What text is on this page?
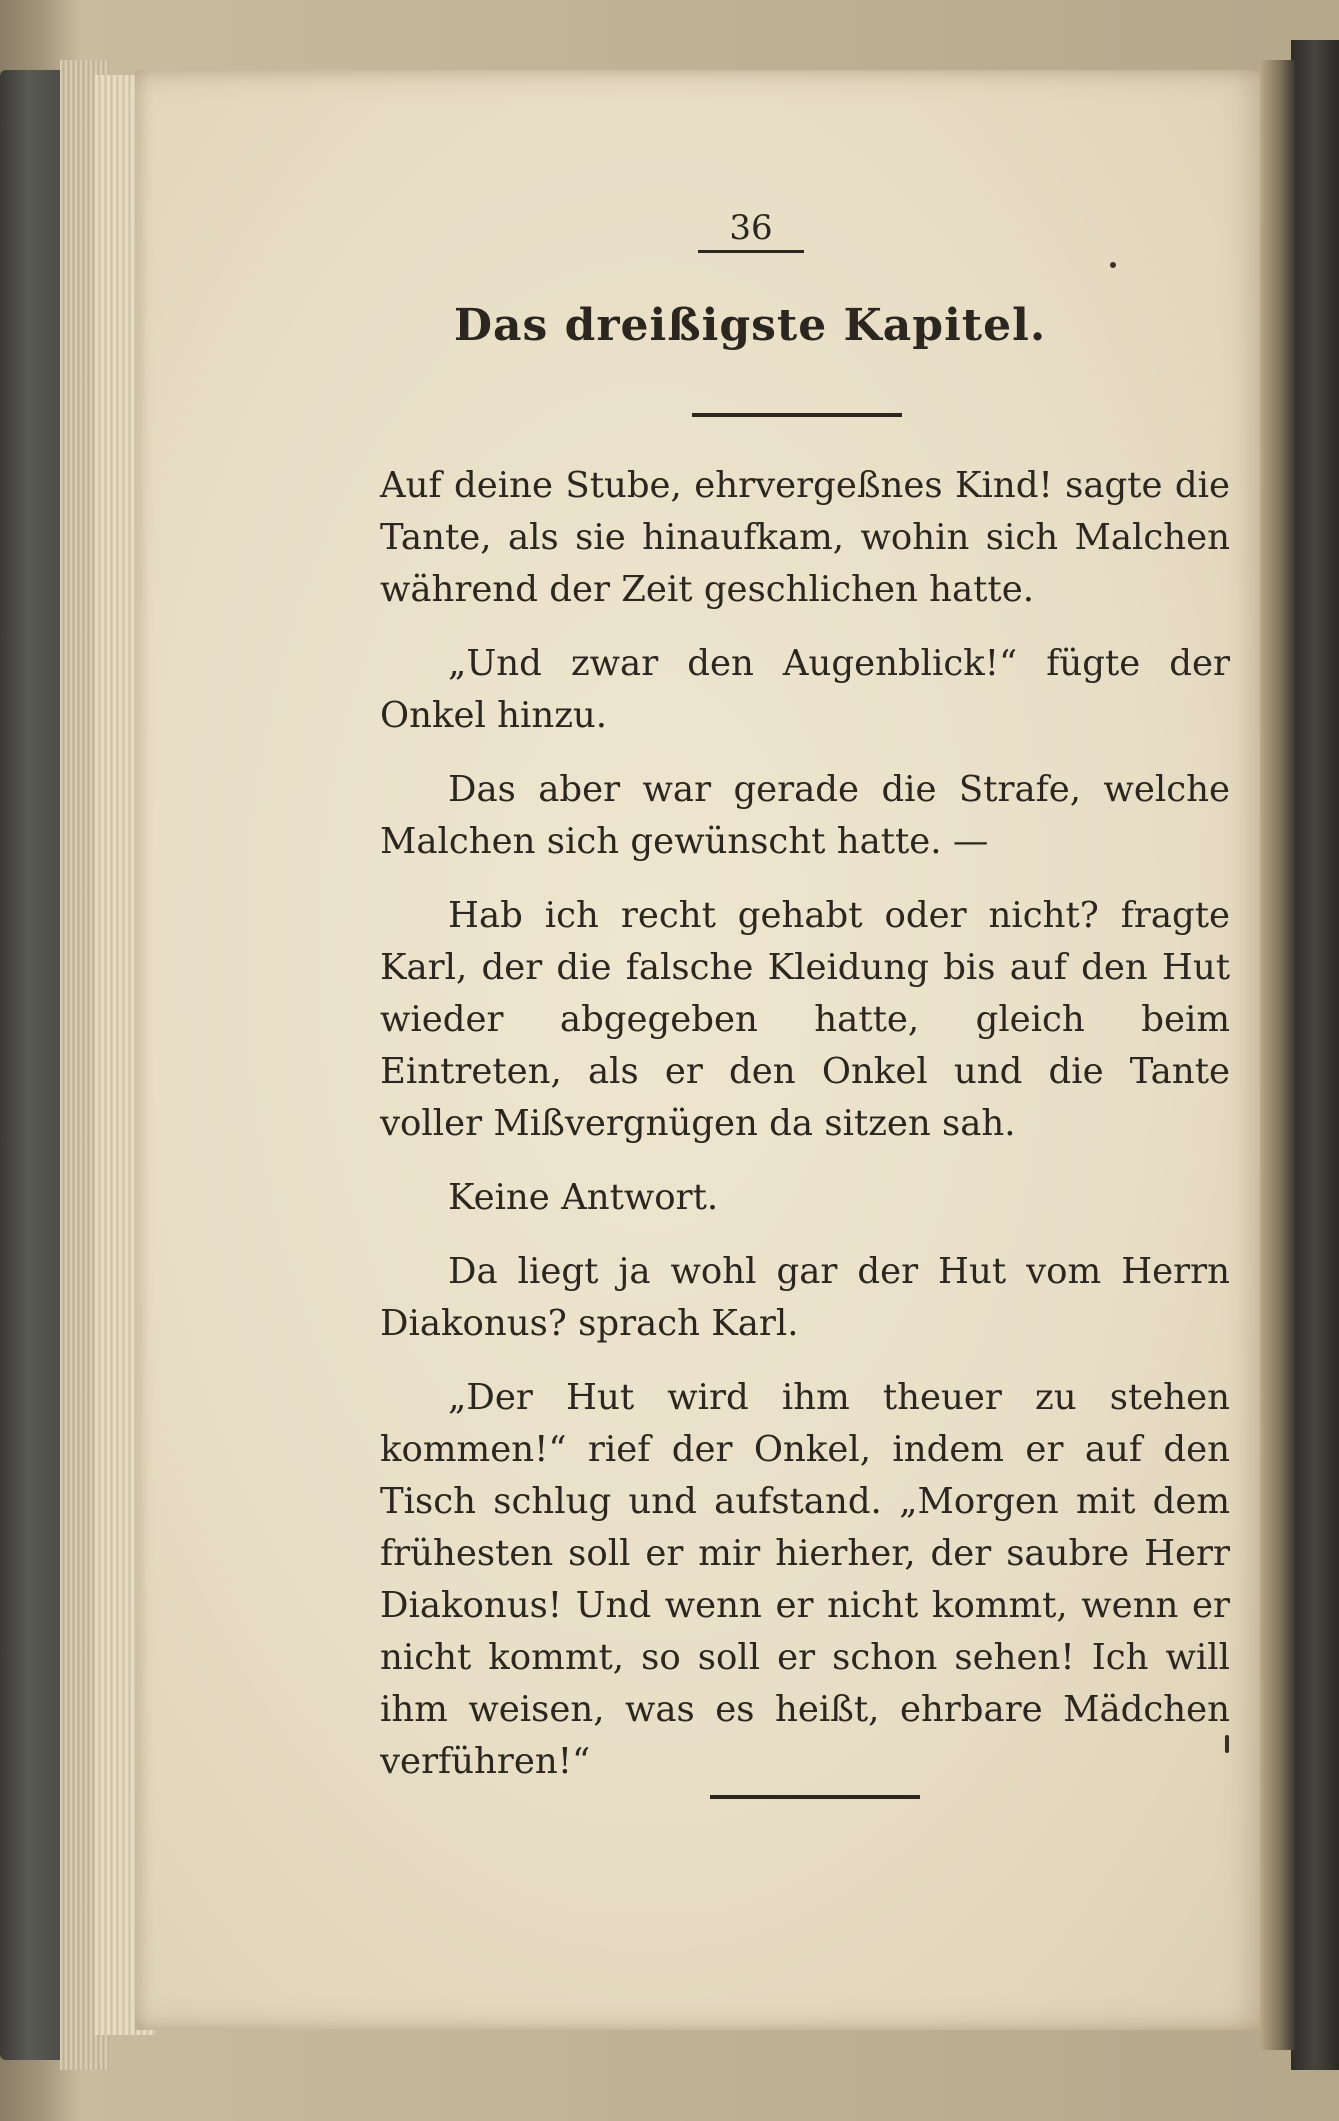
36
Das dreißigste Kapitel.

Auf deine Stube, ehrvergeßnes Kind! sagte die Tante, als sie hinaufkam, wohin sich Malchen während der Zeit geschlichen hatte.

„Und zwar den Augenblick!“ fügte der Onkel hinzu.

Das aber war gerade die Strafe, welche Malchen sich gewünscht hatte. —

Hab ich recht gehabt oder nicht? fragte Karl, der die falsche Kleidung bis auf den Hut wieder abgegeben hatte, gleich beim Eintreten, als er den Onkel und die Tante voller Mißvergnügen da sitzen sah.

Keine Antwort.

Da liegt ja wohl gar der Hut vom Herrn Diakonus? sprach Karl.

„Der Hut wird ihm theuer zu stehen kommen!“ rief der Onkel, indem er auf den Tisch schlug und aufstand. „Morgen mit dem frühesten soll er mir hierher, der saubre Herr Diakonus! Und wenn er nicht kommt, wenn er nicht kommt, so soll er schon sehen! Ich will ihm weisen, was es heißt, ehrbare Mädchen verführen!“
